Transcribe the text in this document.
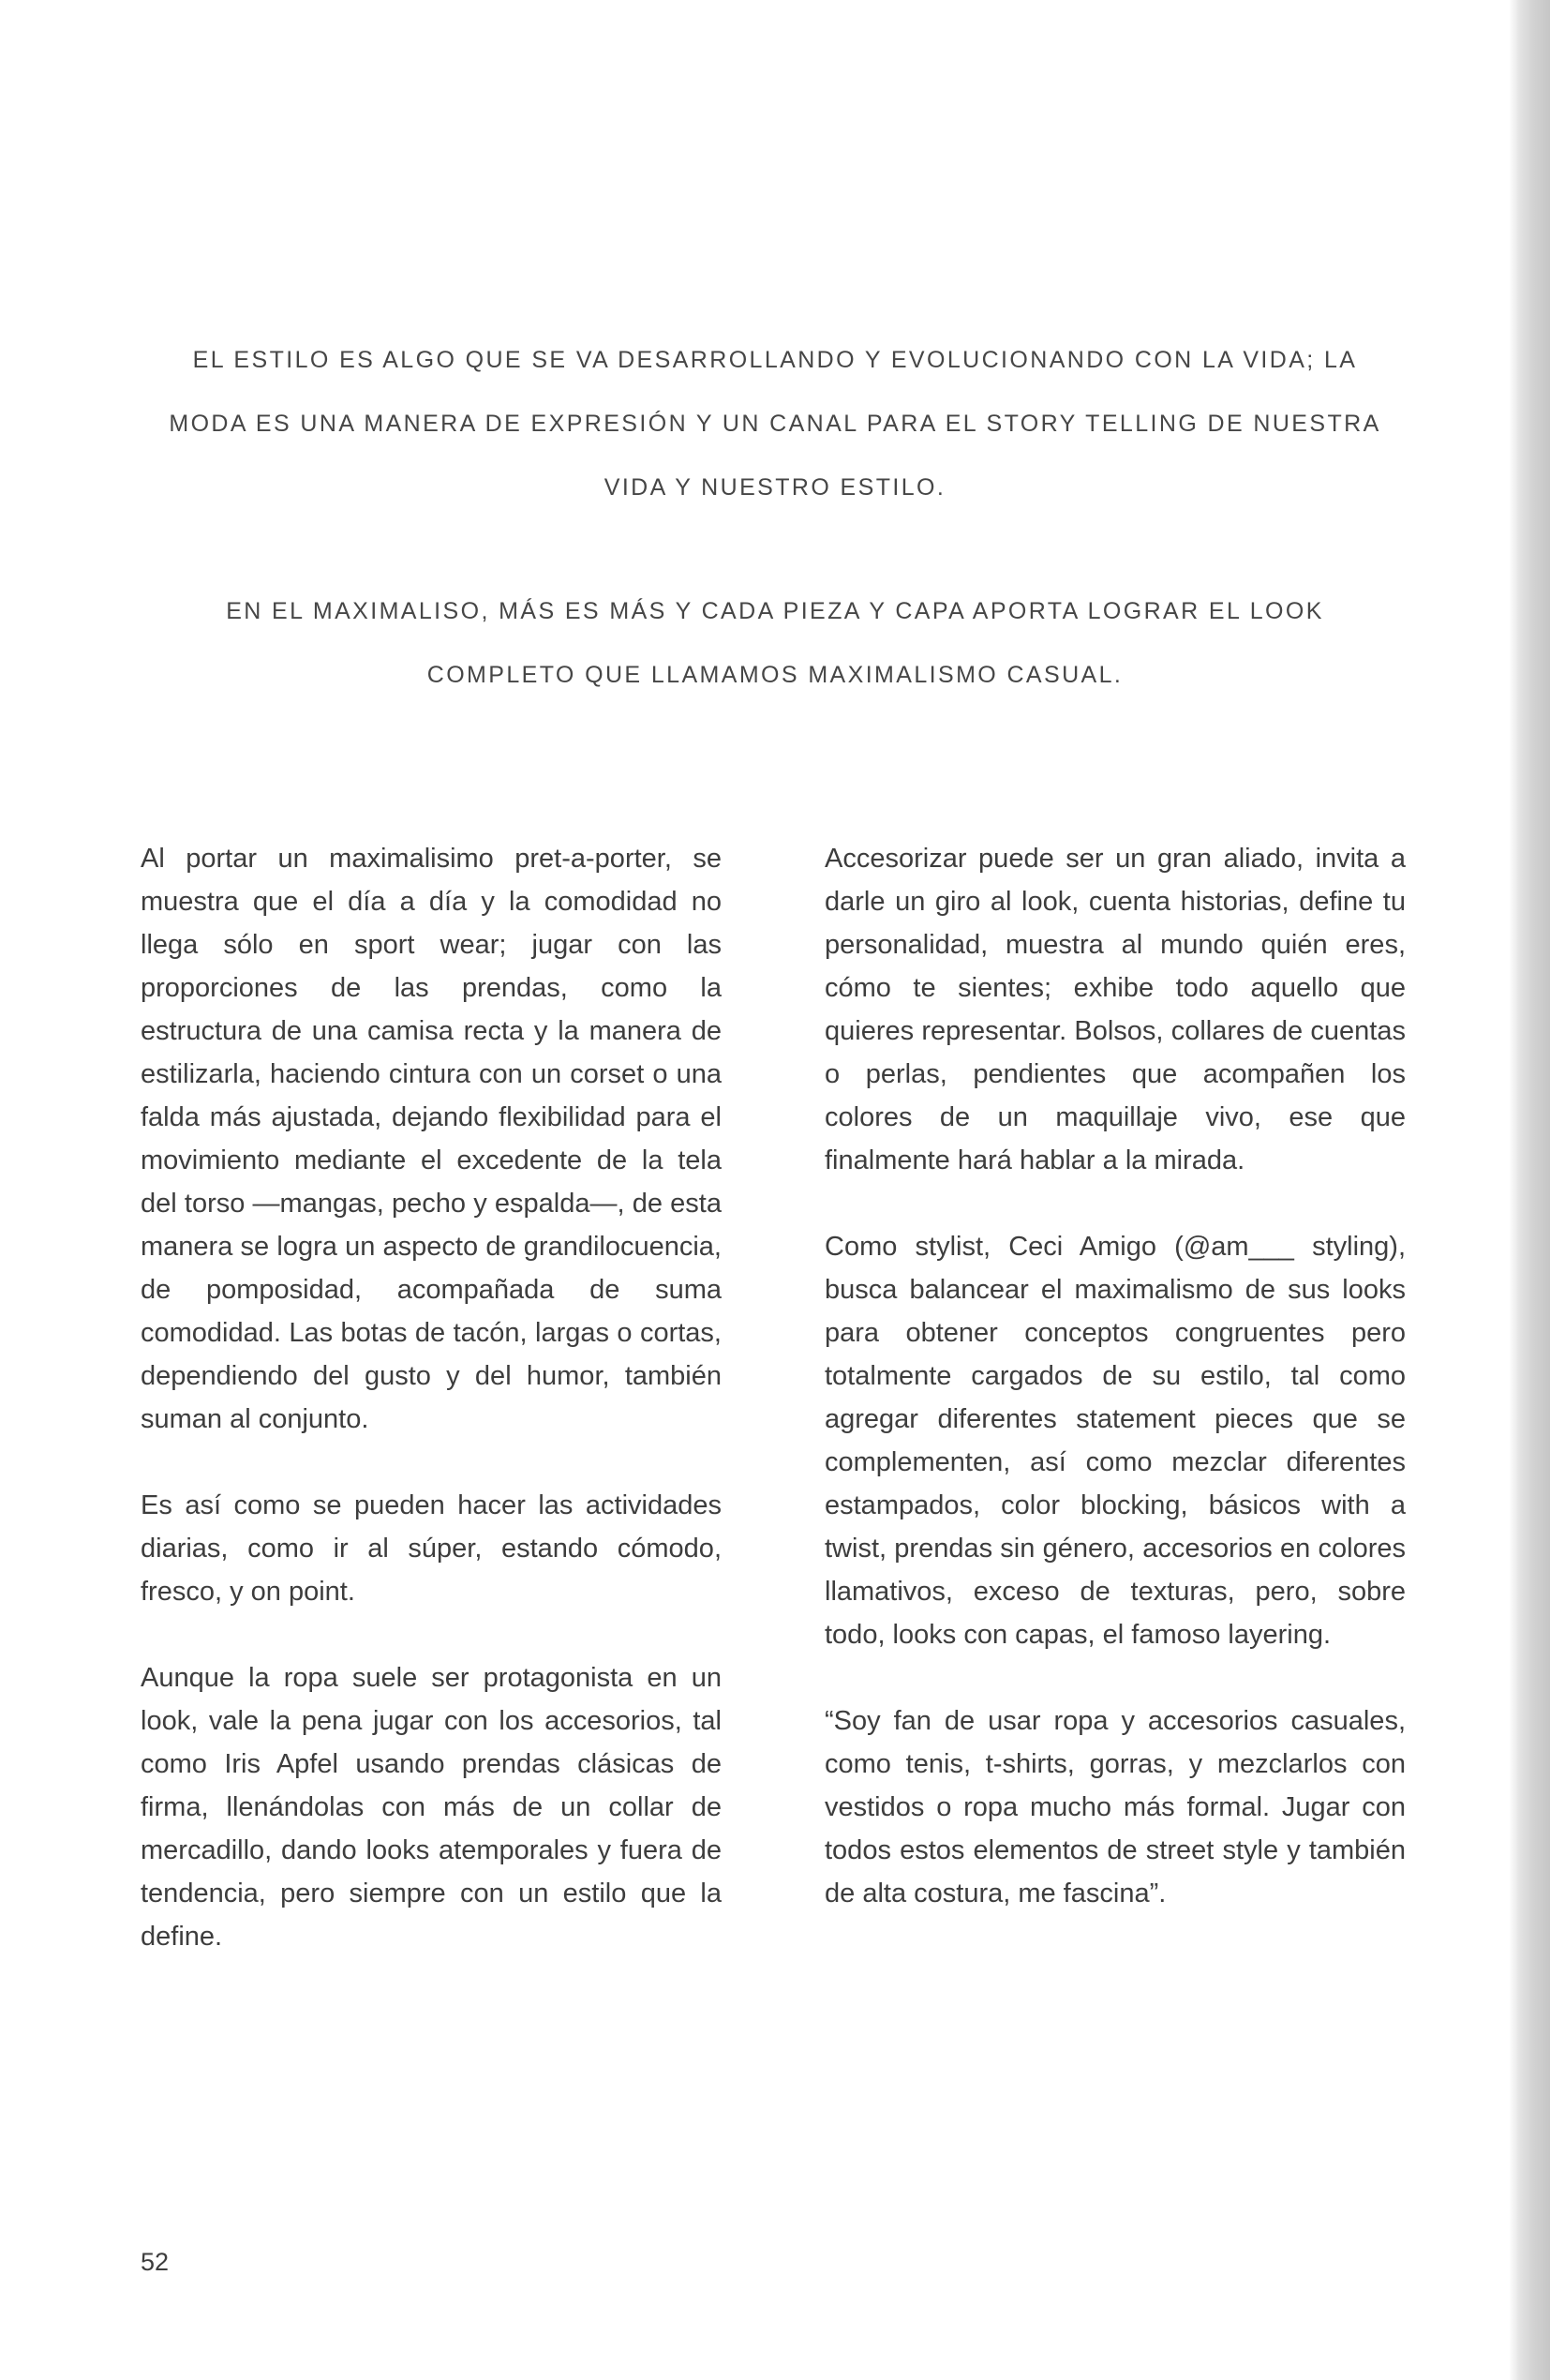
EL ESTILO ES ALGO QUE SE VA DESARROLLANDO Y EVOLUCIONANDO CON LA VIDA; LA MODA ES UNA MANERA DE EXPRESIÓN Y UN CANAL PARA EL STORY TELLING DE NUESTRA VIDA Y NUESTRO ESTILO.

EN EL MAXIMALISO, MÁS ES MÁS Y CADA PIEZA Y CAPA APORTA LOGRAR EL LOOK COMPLETO QUE LLAMAMOS MAXIMALISMO CASUAL.

Al portar un maximalisimo pret-a-porter, se muestra que el día a día y la comodidad no llega sólo en sport wear; jugar con las proporciones de las prendas, como la estructura de una camisa recta y la manera de estilizarla, haciendo cintura con un corset o una falda más ajustada, dejando flexibilidad para el movimiento mediante el excedente de la tela del torso —mangas, pecho y espalda—, de esta manera se logra un aspecto de grandilocuencia, de pomposidad, acompañada de suma comodidad. Las botas de tacón, largas o cortas, dependiendo del gusto y del humor, también suman al conjunto.

Es así como se pueden hacer las actividades diarias, como ir al súper, estando cómodo, fresco, y on point.

Aunque la ropa suele ser protagonista en un look, vale la pena jugar con los accesorios, tal como Iris Apfel usando prendas clásicas de firma, llenándolas con más de un collar de mercadillo, dando looks atemporales y fuera de tendencia, pero siempre con un estilo que la define.

Accesorizar puede ser un gran aliado, invita a darle un giro al look, cuenta historias, define tu personalidad, muestra al mundo quién eres, cómo te sientes; exhibe todo aquello que quieres representar. Bolsos, collares de cuentas o perlas, pendientes que acompañen los colores de un maquillaje vivo, ese que finalmente hará hablar a la mirada.

Como stylist, Ceci Amigo (@am___ styling), busca balancear el maximalismo de sus looks para obtener conceptos congruentes pero totalmente cargados de su estilo, tal como agregar diferentes statement pieces que se complementen, así como mezclar diferentes estampados, color blocking, básicos with a twist, prendas sin género, accesorios en colores llamativos, exceso de texturas, pero, sobre todo, looks con capas, el famoso layering.

“Soy fan de usar ropa y accesorios casuales, como tenis, t-shirts, gorras, y mezclarlos con vestidos o ropa mucho más formal. Jugar con todos estos elementos de street style y también de alta costura, me fascina”.

52
